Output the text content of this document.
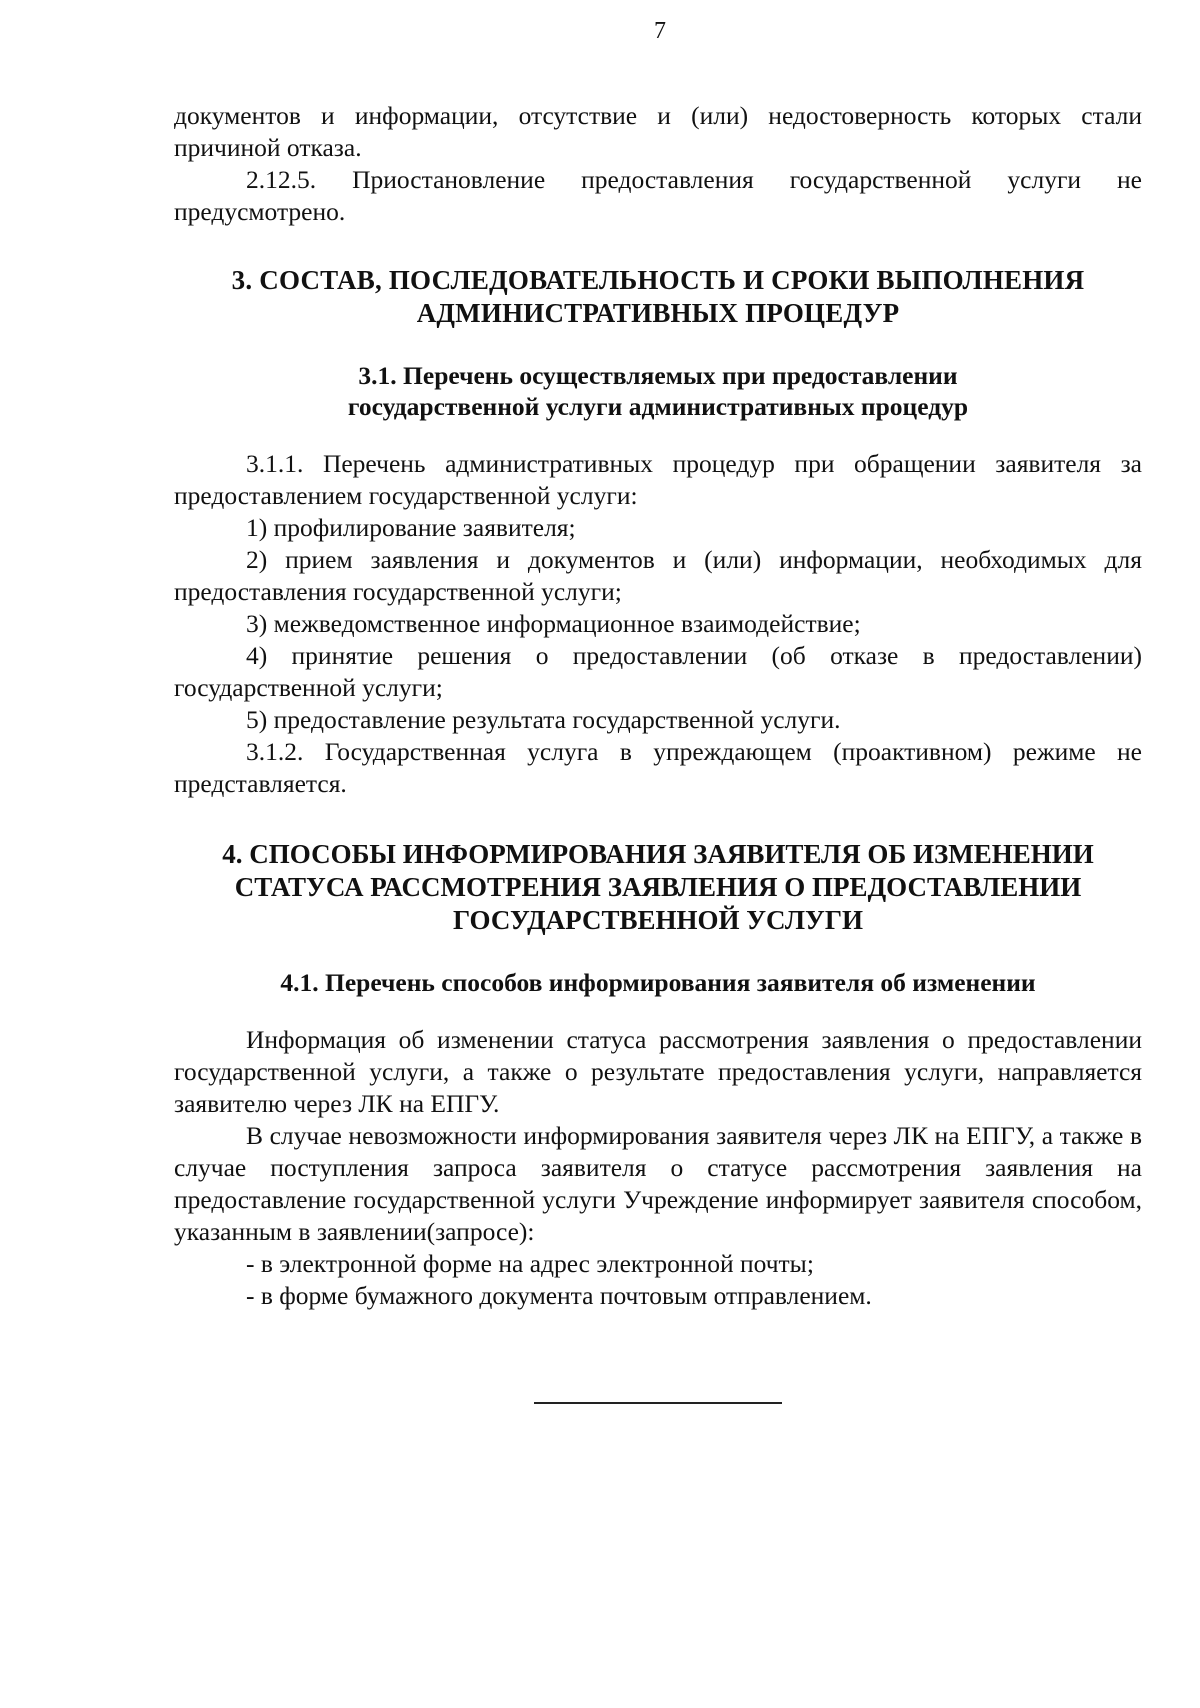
7

документов и информации, отсутствие и (или) недостоверность которых стали причиной отказа.

2.12.5. Приостановление предоставления государственной услуги не предусмотрено.

3. СОСТАВ, ПОСЛЕДОВАТЕЛЬНОСТЬ И СРОКИ ВЫПОЛНЕНИЯ АДМИНИСТРАТИВНЫХ ПРОЦЕДУР

3.1. Перечень осуществляемых при предоставлении государственной услуги административных процедур

3.1.1. Перечень административных процедур при обращении заявителя за предоставлением государственной услуги:

1) профилирование заявителя;

2) прием заявления и документов и (или) информации, необходимых для предоставления государственной услуги;

3) межведомственное информационное взаимодействие;

4) принятие решения о предоставлении (об отказе в предоставлении) государственной услуги;

5) предоставление результата государственной услуги.

3.1.2. Государственная услуга в упреждающем (проактивном) режиме не представляется.

4. СПОСОБЫ ИНФОРМИРОВАНИЯ ЗАЯВИТЕЛЯ ОБ ИЗМЕНЕНИИ СТАТУСА РАССМОТРЕНИЯ ЗАЯВЛЕНИЯ О ПРЕДОСТАВЛЕНИИ ГОСУДАРСТВЕННОЙ УСЛУГИ

4.1. Перечень способов информирования заявителя об изменении

Информация об изменении статуса рассмотрения заявления о предоставлении государственной услуги, а также о результате предоставления услуги, направляется заявителю через ЛК на ЕПГУ.

В случае невозможности информирования заявителя через ЛК на ЕПГУ, а также в случае поступления запроса заявителя о статусе рассмотрения заявления на предоставление государственной услуги Учреждение информирует заявителя способом, указанным в заявлении(запросе):

- в электронной форме на адрес электронной почты;

- в форме бумажного документа почтовым отправлением.
